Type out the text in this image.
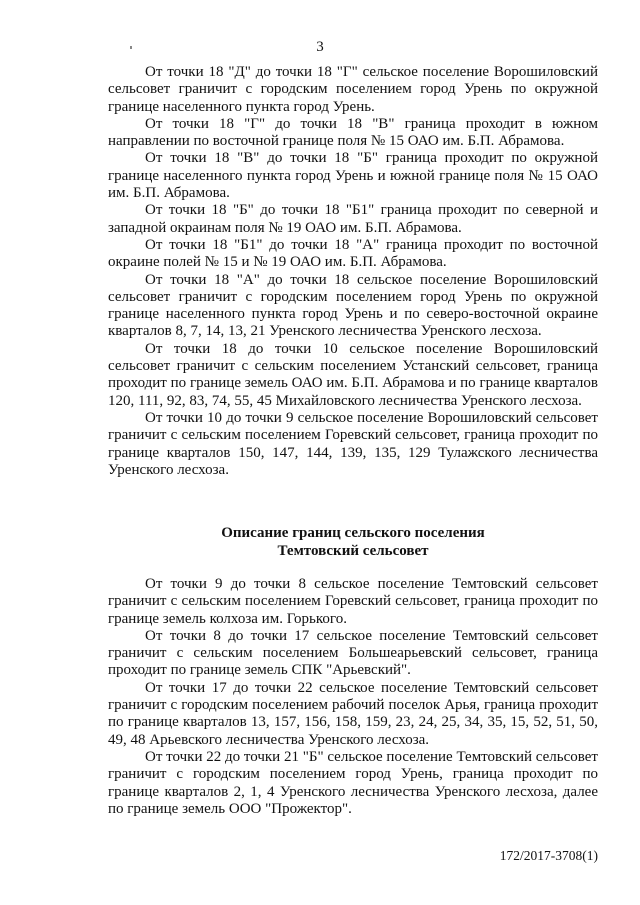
3

От точки 18 "Д" до точки 18 "Г" сельское поселение Ворошиловский сельсовет граничит с городским поселением город Урень по окружной границе населенного пункта город Урень.

От точки 18 "Г" до точки 18 "В" граница проходит в южном направлении по восточной границе поля № 15 ОАО им. Б.П. Абрамова.

От точки 18 "В" до точки 18 "Б" граница проходит по окружной границе населенного пункта город Урень и южной границе поля № 15 ОАО им. Б.П. Абрамова.

От точки 18 "Б" до точки 18 "Б1" граница проходит по северной и западной окраинам поля № 19 ОАО им. Б.П. Абрамова.

От точки 18 "Б1" до точки 18 "А" граница проходит по восточной окраине полей № 15 и № 19 ОАО им. Б.П. Абрамова.

От точки 18 "А" до точки 18 сельское поселение Ворошиловский сельсовет граничит с городским поселением город Урень по окружной границе населенного пункта город Урень и по северо-восточной окраине кварталов 8, 7, 14, 13, 21 Уренского лесничества Уренского лесхоза.

От точки 18 до точки 10 сельское поселение Ворошиловский сельсовет граничит с сельским поселением Устанский сельсовет, граница проходит по границе земель ОАО им. Б.П. Абрамова и по границе кварталов 120, 111, 92, 83, 74, 55, 45 Михайловского лесничества Уренского лесхоза.

От точки 10 до точки 9 сельское поселение Ворошиловский сельсовет граничит с сельским поселением Горевский сельсовет, граница проходит по границе кварталов 150, 147, 144, 139, 135, 129 Тулажского лесничества Уренского лесхоза.

Описание границ сельского поселения
Темтовский сельсовет

От точки 9 до точки 8 сельское поселение Темтовский сельсовет граничит с сельским поселением Горевский сельсовет, граница проходит по границе земель колхоза им. Горького.

От точки 8 до точки 17 сельское поселение Темтовский сельсовет граничит с сельским поселением Большеарьевский сельсовет, граница проходит по границе земель СПК "Арьевский".

От точки 17 до точки 22 сельское поселение Темтовский сельсовет граничит с городским поселением рабочий поселок Арья, граница проходит по границе кварталов 13, 157, 156, 158, 159, 23, 24, 25, 34, 35, 15, 52, 51, 50, 49, 48 Арьевского лесничества Уренского лесхоза.

От точки 22 до точки 21 "Б" сельское поселение Темтовский сельсовет граничит с городским поселением город Урень, граница проходит по границе кварталов 2, 1, 4 Уренского лесничества Уренского лесхоза, далее по границе земель ООО "Прожектор".

172/2017-3708(1)
